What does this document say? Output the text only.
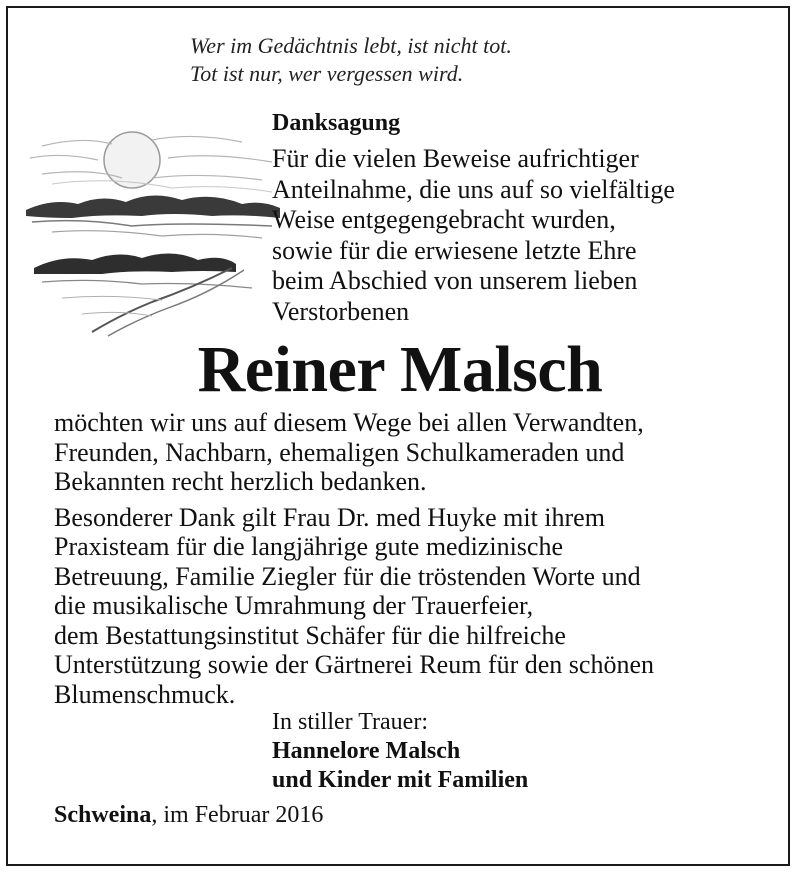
Wer im Gedächtnis lebt, ist nicht tot.
Tot ist nur, wer vergessen wird.
Danksagung
Für die vielen Beweise aufrichtiger
Anteilnahme, die uns auf so vielfältige
Weise entgegengebracht wurden,
sowie für die erwiesene letzte Ehre
beim Abschied von unserem lieben
Verstorbenen
Reiner Malsch
möchten wir uns auf diesem Wege bei allen Verwandten,
Freunden, Nachbarn, ehemaligen Schulkameraden und
Bekannten recht herzlich bedanken.
Besonderer Dank gilt Frau Dr. med Huyke mit ihrem
Praxisteam für die langjährige gute medizinische
Betreuung, Familie Ziegler für die tröstenden Worte und
die musikalische Umrahmung der Trauerfeier,
dem Bestattungsinstitut Schäfer für die hilfreiche
Unterstützung sowie der Gärtnerei Reum für den schönen
Blumenschmuck.
In stiller Trauer:
Hannelore Malsch
und Kinder mit Familien
Schweina, im Februar 2016
